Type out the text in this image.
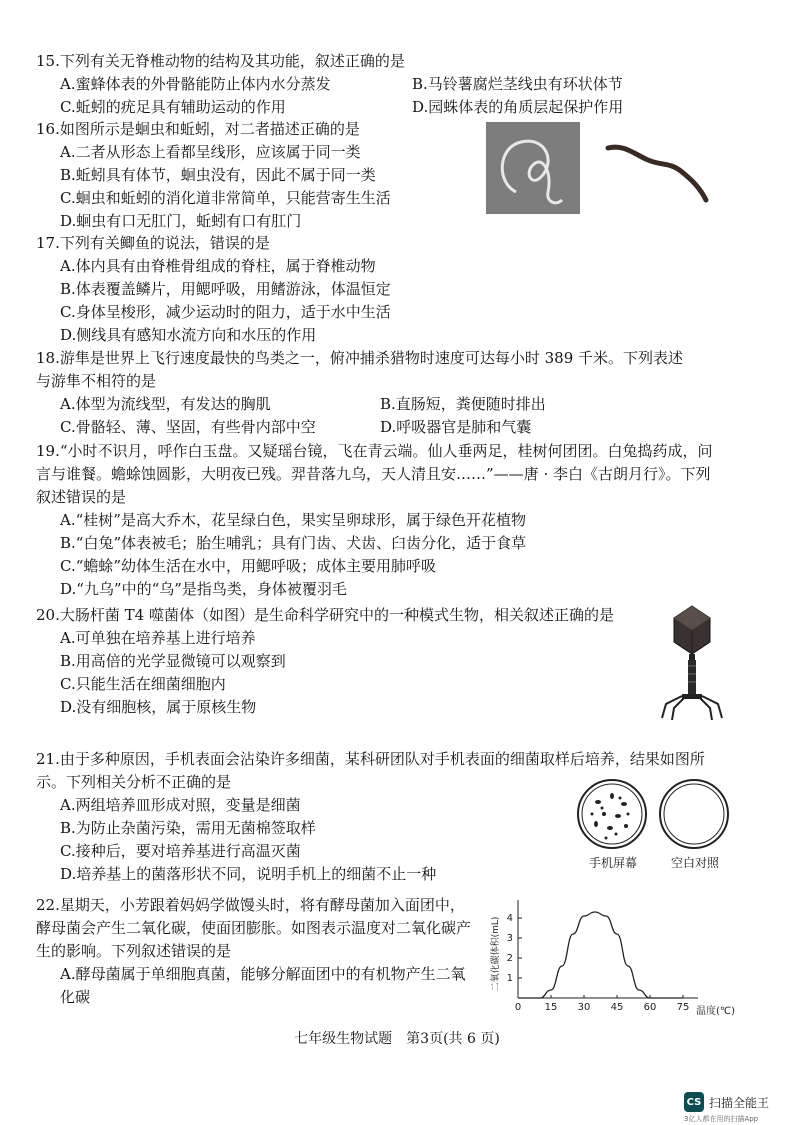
15.下列有关无脊椎动物的结构及其功能，叙述正确的是
A.蜜蜂体表的外骨骼能防止体内水分蒸发	B.马铃薯腐烂茎线虫有环状体节
C.蚯蚓的疣足具有辅助运动的作用	D.园蛛体表的角质层起保护作用
16.如图所示是蛔虫和蚯蚓，对二者描述正确的是
A.二者从形态上看都呈线形，应该属于同一类
B.蚯蚓具有体节，蛔虫没有，因此不属于同一类
C.蛔虫和蚯蚓的消化道非常简单，只能营寄生生活
D.蛔虫有口无肛门，蚯蚓有口有肛门
17.下列有关鲫鱼的说法，错误的是
A.体内具有由脊椎骨组成的脊柱，属于脊椎动物
B.体表覆盖鳞片，用鳃呼吸，用鳍游泳，体温恒定
C.身体呈梭形，减少运动时的阻力，适于水中生活
D.侧线具有感知水流方向和水压的作用
18.游隼是世界上飞行速度最快的鸟类之一，俯冲捕杀猎物时速度可达每小时 389 千米。下列表述与游隼不相符的是
A.体型为流线型，有发达的胸肌	B.直肠短，粪便随时排出
C.骨骼轻、薄、坚固，有些骨内部中空	D.呼吸器官是肺和气囊
19.“小时不识月，呼作白玉盘。又疑瑶台镜，飞在青云端。仙人垂两足，桂树何团团。白兔捣药成，问言与谁餐。蟾蜍蚀圆影，大明夜已残。羿昔落九乌，天人清且安……”——唐 · 李白《古朗月行》。下列叙述错误的是
A.“桂树”是高大乔木，花呈绿白色，果实呈卵球形，属于绿色开花植物
B.“白兔”体表被毛；胎生哺乳；具有门齿、犬齿、臼齿分化，适于食草
C.“蟾蜍”幼体生活在水中，用鳃呼吸；成体主要用肺呼吸
D.“九乌”中的“乌”是指鸟类，身体被覆羽毛
20.大肠杆菌 T4 噬菌体（如图）是生命科学研究中的一种模式生物，相关叙述正确的是
A.可单独在培养基上进行培养
B.用高倍的光学显微镜可以观察到
C.只能生活在细菌细胞内
D.没有细胞核，属于原核生物
21.由于多种原因，手机表面会沾染许多细菌，某科研团队对手机表面的细菌取样后培养，结果如图所示。下列相关分析不正确的是
A.两组培养皿形成对照，变量是细菌
B.为防止杂菌污染，需用无菌棉签取样
C.接种后，要对培养基进行高温灭菌
D.培养基上的菌落形状不同，说明手机上的细菌不止一种
手机屏幕	空白对照
22.星期天，小芳跟着妈妈学做馒头时，将有酵母菌加入面团中，酵母菌会产生二氧化碳，使面团膨胀。如图表示温度对二氧化碳产生的影响。下列叙述错误的是
A.酵母菌属于单细胞真菌，能够分解面团中的有机物产生二氧化碳
二氧化碳体积(mL) 1
2
3
4
0 15 30 45 60 75 温度(℃)
七年级生物试题　第3页(共 6 页)
CS 扫描全能王
3亿人都在用的扫描App
